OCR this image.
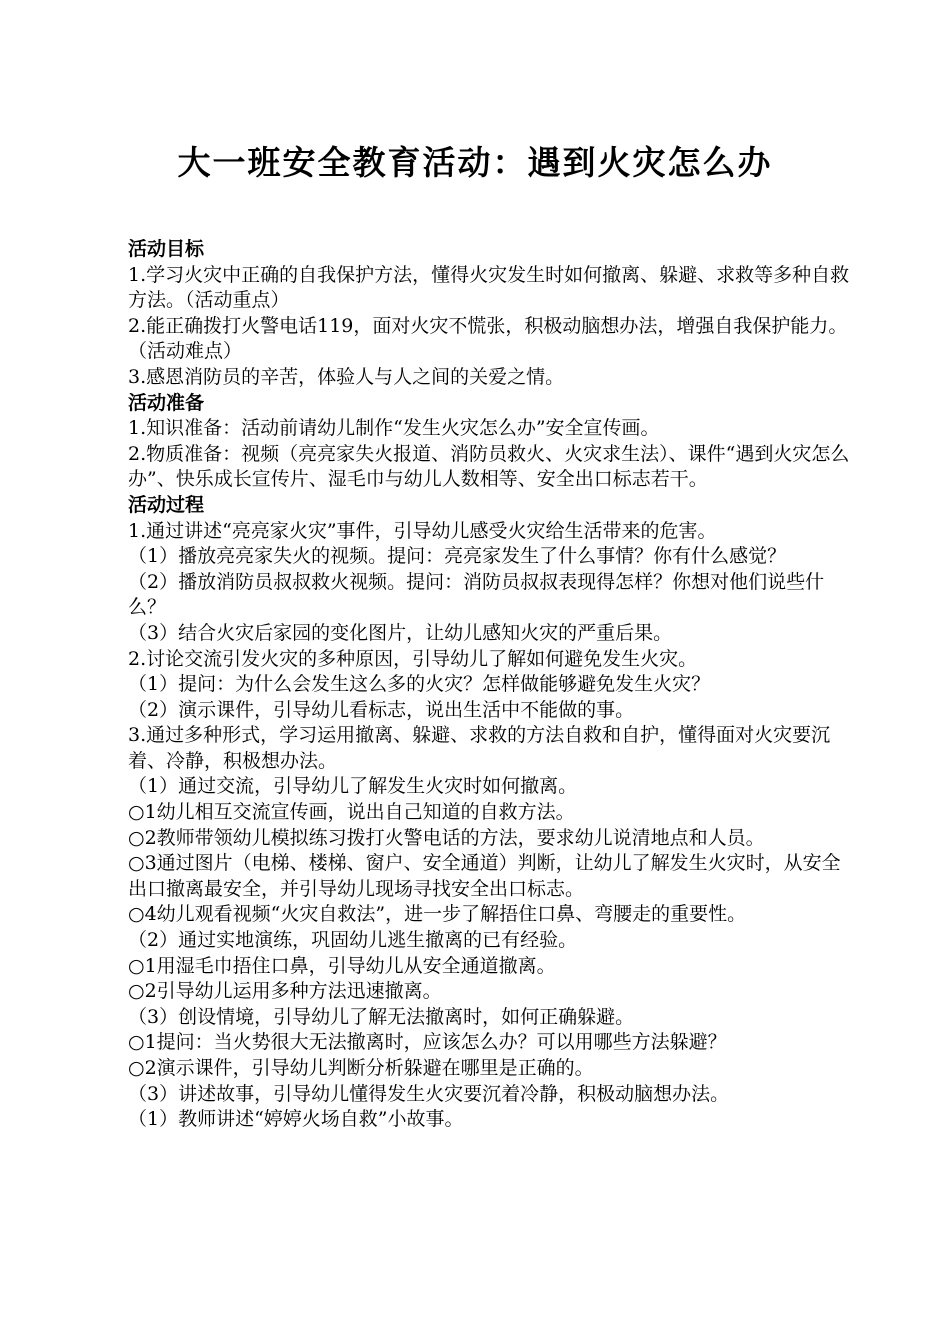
大一班安全教育活动：遇到火灾怎么办

活动目标

1.学习火灾中正确的自我保护方法，懂得火灾发生时如何撤离、躲避、求救等多种自救方法。（活动重点）

2.能正确拨打火警电话119，面对火灾不慌张，积极动脑想办法，增强自我保护能力。（活动难点）

3.感恩消防员的辛苦，体验人与人之间的关爱之情。

活动准备

1.知识准备：活动前请幼儿制作“发生火灾怎么办”安全宣传画。

2.物质准备：视频（亮亮家失火报道、消防员救火、火灾求生法）、课件“遇到火灾怎么办”、快乐成长宣传片、湿毛巾与幼儿人数相等、安全出口标志若干。

活动过程

1.通过讲述“亮亮家火灾”事件，引导幼儿感受火灾给生活带来的危害。

（1）播放亮亮家失火的视频。提问：亮亮家发生了什么事情？你有什么感觉？

（2）播放消防员叔叔救火视频。提问：消防员叔叔表现得怎样？你想对他们说些什么？

（3）结合火灾后家园的变化图片，让幼儿感知火灾的严重后果。

2.讨论交流引发火灾的多种原因，引导幼儿了解如何避免发生火灾。

（1）提问：为什么会发生这么多的火灾？怎样做能够避免发生火灾？

（2）演示课件，引导幼儿看标志，说出生活中不能做的事。

3.通过多种形式，学习运用撤离、躲避、求救的方法自救和自护，懂得面对火灾要沉着、冷静，积极想办法。

（1）通过交流，引导幼儿了解发生火灾时如何撤离。

○1幼儿相互交流宣传画，说出自己知道的自救方法。

○2教师带领幼儿模拟练习拨打火警电话的方法，要求幼儿说清地点和人员。

○3通过图片（电梯、楼梯、窗户、安全通道）判断，让幼儿了解发生火灾时，从安全出口撤离最安全，并引导幼儿现场寻找安全出口标志。

○4幼儿观看视频“火灾自救法”，进一步了解捂住口鼻、弯腰走的重要性。

（2）通过实地演练，巩固幼儿逃生撤离的已有经验。

○1用湿毛巾捂住口鼻，引导幼儿从安全通道撤离。

○2引导幼儿运用多种方法迅速撤离。

（3）创设情境，引导幼儿了解无法撤离时，如何正确躲避。

○1提问：当火势很大无法撤离时，应该怎么办？可以用哪些方法躲避？

○2演示课件，引导幼儿判断分析躲避在哪里是正确的。

（3）讲述故事，引导幼儿懂得发生火灾要沉着冷静，积极动脑想办法。

（1）教师讲述“婷婷火场自救”小故事。
